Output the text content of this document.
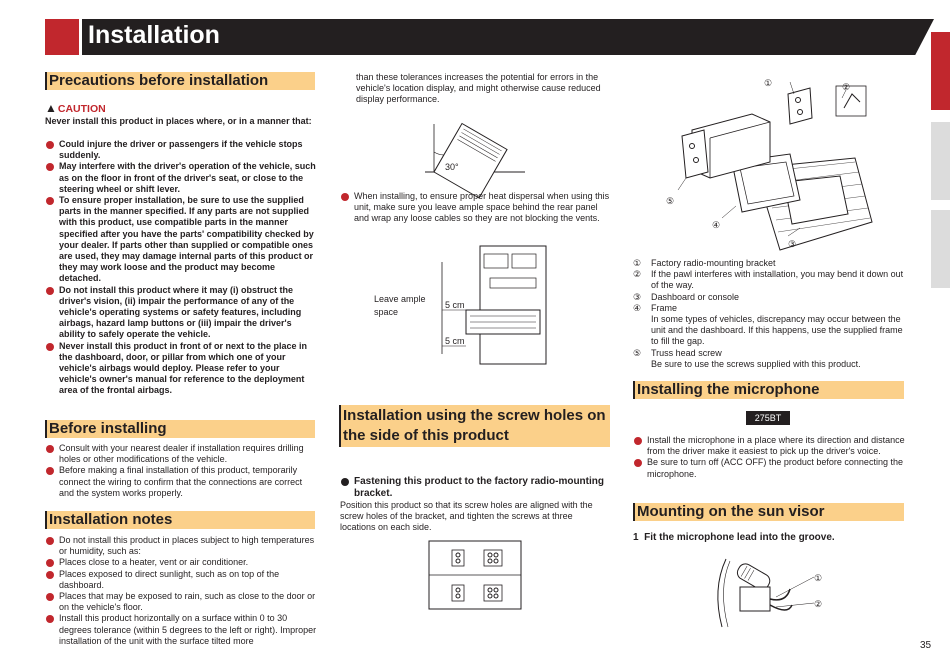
Installation
Precautions before installation
▲CAUTION
Never install this product in places where, or in a manner that:
Could injure the driver or passengers if the vehicle stops suddenly.
May interfere with the driver's operation of the vehicle, such as on the floor in front of the driver's seat, or close to the steering wheel or shift lever.
To ensure proper installation, be sure to use the supplied parts in the manner specified. If any parts are not supplied with this product, use compatible parts in the manner specified after you have the parts' compatibility checked by your dealer. If parts other than supplied or compatible ones are used, they may damage internal parts of this product or they may work loose and the product may become detached.
Do not install this product where it may (i) obstruct the driver's vision, (ii) impair the performance of any of the vehicle's operating systems or safety features, including airbags, hazard lamp buttons or (iii) impair the driver's ability to safely operate the vehicle.
Never install this product in front of or next to the place in the dashboard, door, or pillar from which one of your vehicle's airbags would deploy. Please refer to your vehicle's owner's manual for reference to the deployment area of the frontal airbags.
Before installing
Consult with your nearest dealer if installation requires drilling holes or other modifications of the vehicle.
Before making a final installation of this product, temporarily connect the wiring to confirm that the connections are correct and the system works properly.
Installation notes
Do not install this product in places subject to high temperatures or humidity, such as:
Places close to a heater, vent or air conditioner.
Places exposed to direct sunlight, such as on top of the dashboard.
Places that may be exposed to rain, such as close to the door or on the vehicle's floor.
Install this product horizontally on a surface within 0 to 30 degrees tolerance (within 5 degrees to the left or right). Improper installation of the unit with the surface tilted more
than these tolerances increases the potential for errors in the vehicle's location display, and might otherwise cause reduced display performance.
30°
When installing, to ensure proper heat dispersal when using this unit, make sure you leave ample space behind the rear panel and wrap any loose cables so they are not blocking the vents.
Leave ample space
5 cm
5 cm
Installation using the screw holes on the side of this product
Fastening this product to the factory radio-mounting bracket.
Position this product so that its screw holes are aligned with the screw holes of the bracket, and tighten the screws at three locations on each side.
①	②
③
④
⑤
① Factory radio-mounting bracket
② If the pawl interferes with installation, you may bend it down out of the way.
③ Dashboard or console
④ Frame
In some types of vehicles, discrepancy may occur between the unit and the dashboard. If this happens, use the supplied frame to fill the gap.
⑤ Truss head screw
Be sure to use the screws supplied with this product.
Installing the microphone
275BT
Install the microphone in a place where its direction and distance from the driver make it easiest to pick up the driver's voice.
Be sure to turn off (ACC OFF) the product before connecting the microphone.
Mounting on the sun visor
1 Fit the microphone lead into the groove.
①
②
35
